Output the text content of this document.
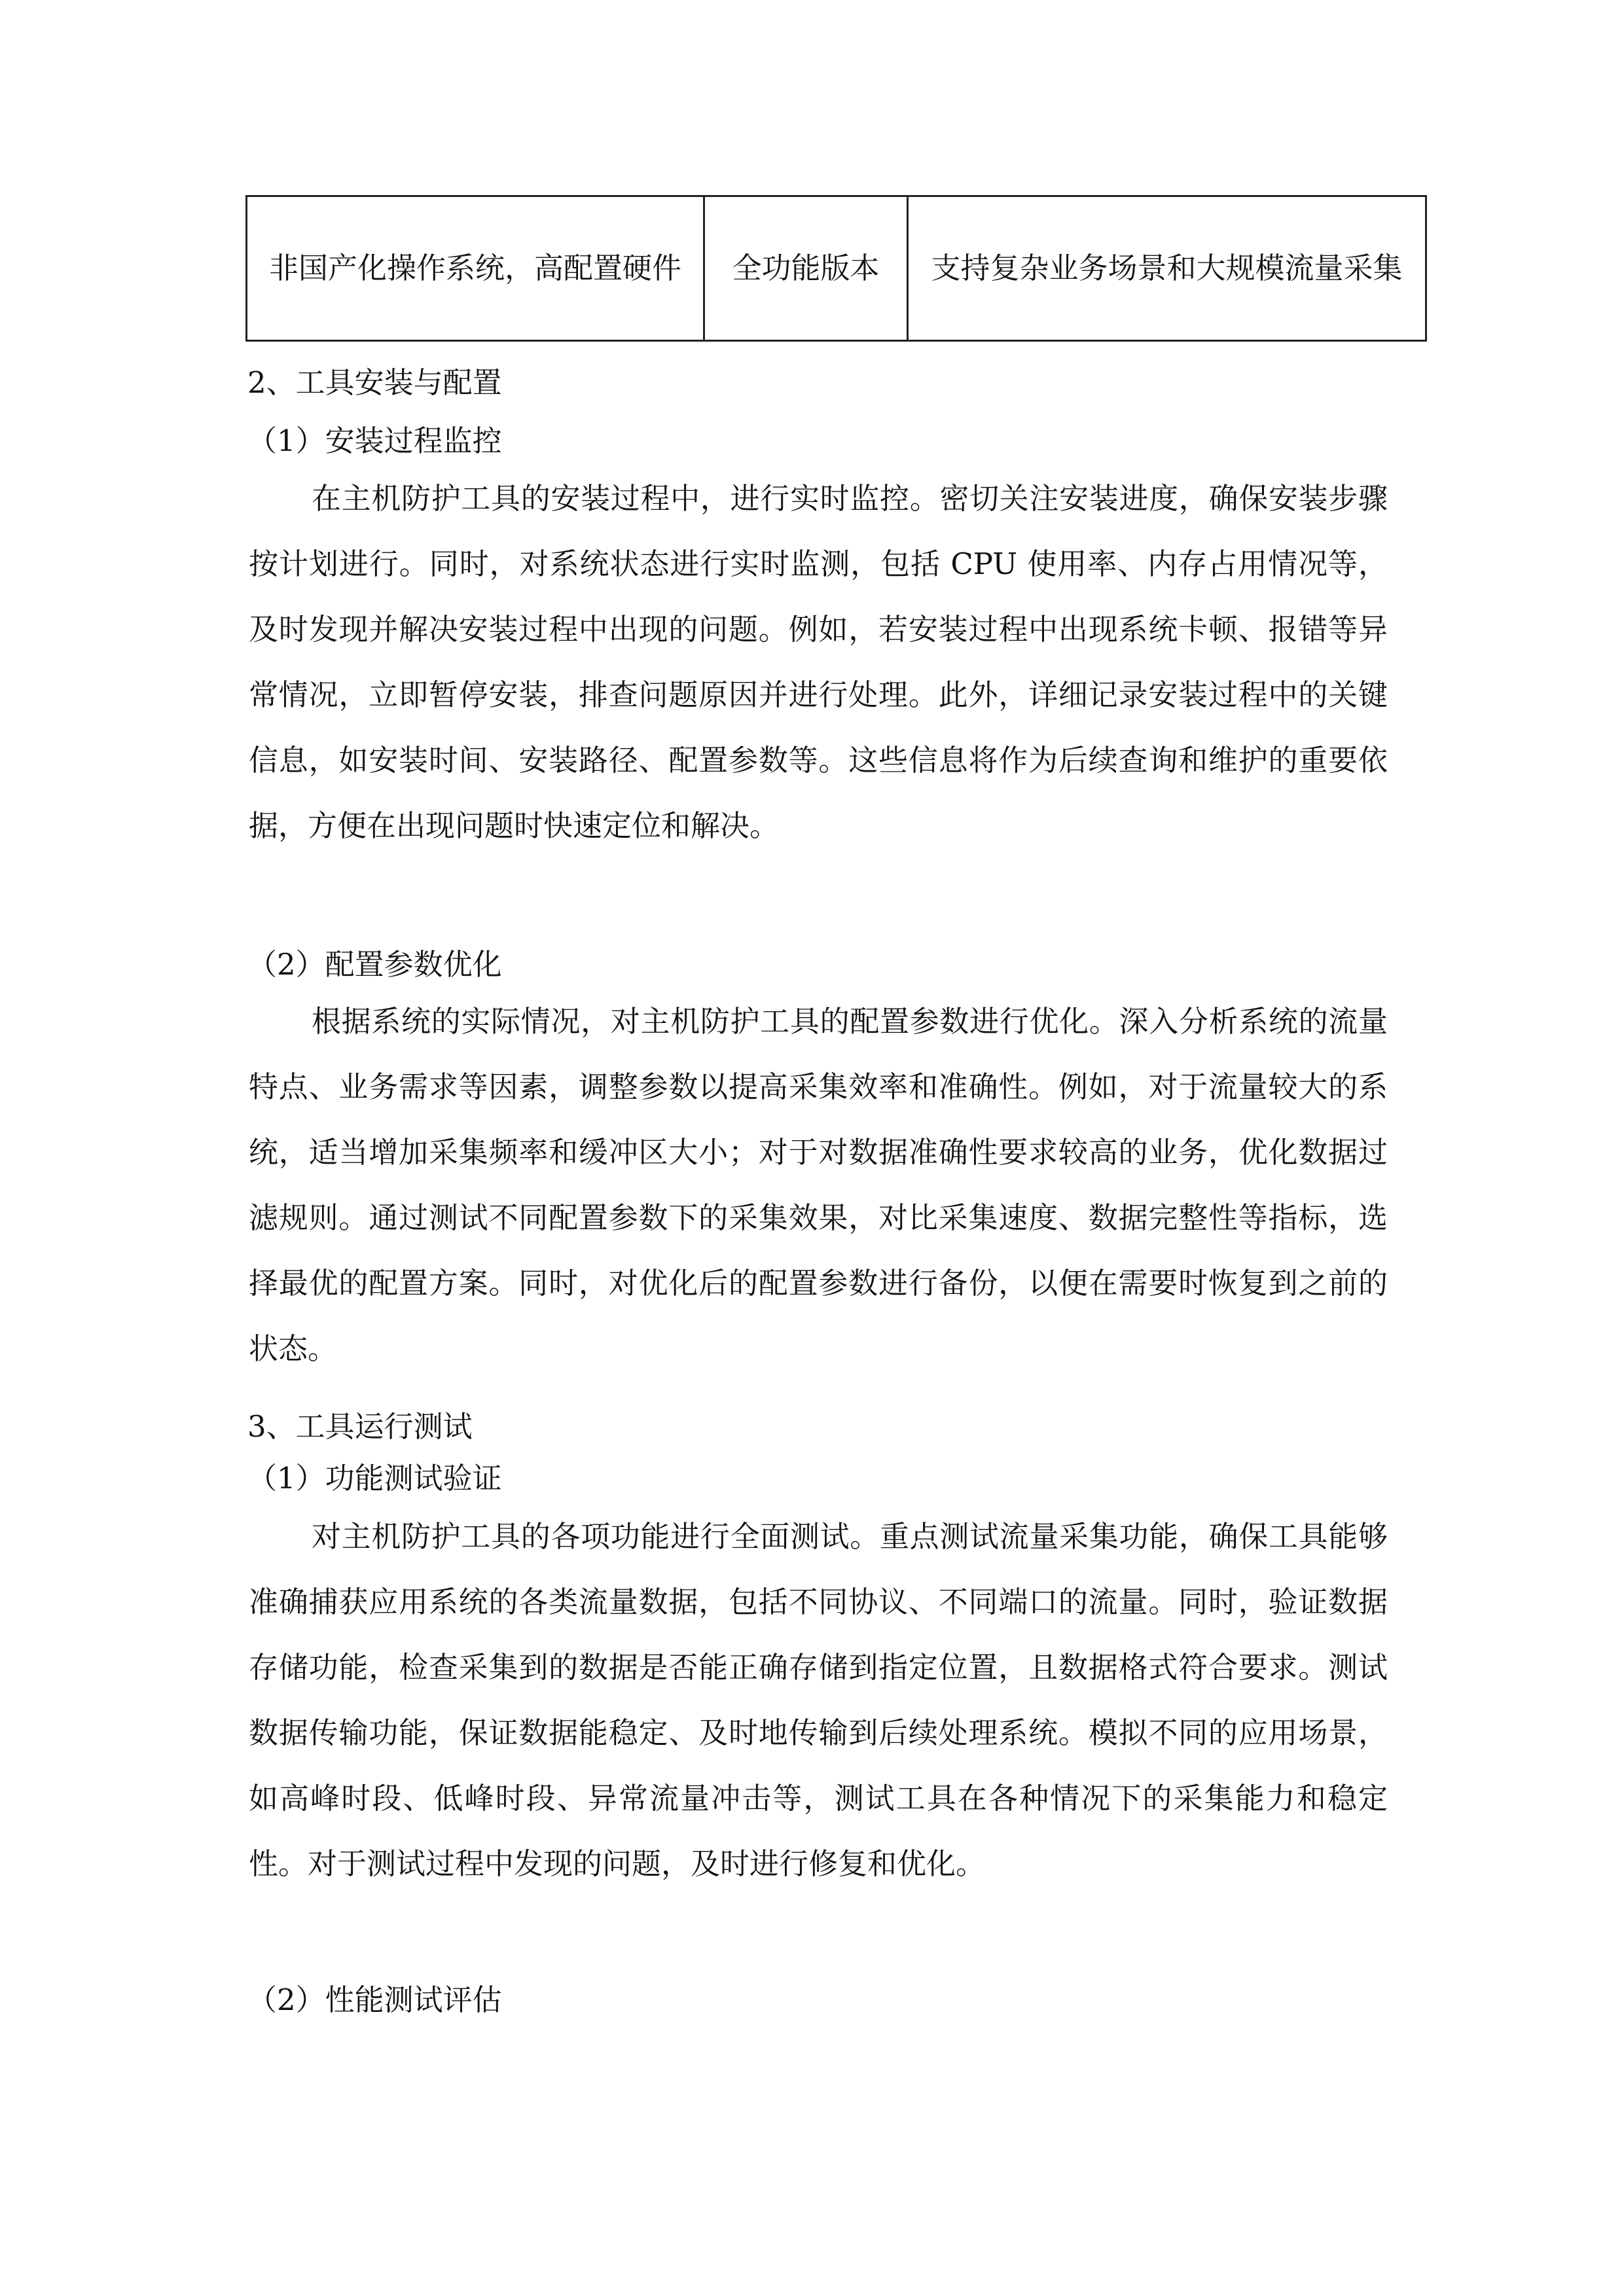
非国产化操作系统，高配置硬件	全功能版本	支持复杂业务场景和大规模流量采集
2、工具安装与配置
（1）安装过程监控

在主机防护工具的安装过程中，进行实时监控。密切关注安装进度，确保安装步骤按计划进行。同时，对系统状态进行实时监测，包括 CPU 使用率、内存占用情况等，及时发现并解决安装过程中出现的问题。例如，若安装过程中出现系统卡顿、报错等异常情况，立即暂停安装，排查问题原因并进行处理。此外，详细记录安装过程中的关键信息，如安装时间、安装路径、配置参数等。这些信息将作为后续查询和维护的重要依据，方便在出现问题时快速定位和解决。

（2）配置参数优化

根据系统的实际情况，对主机防护工具的配置参数进行优化。深入分析系统的流量特点、业务需求等因素，调整参数以提高采集效率和准确性。例如，对于流量较大的系统，适当增加采集频率和缓冲区大小；对于对数据准确性要求较高的业务，优化数据过滤规则。通过测试不同配置参数下的采集效果，对比采集速度、数据完整性等指标，选择最优的配置方案。同时，对优化后的配置参数进行备份，以便在需要时恢复到之前的状态。

3、工具运行测试
（1）功能测试验证

对主机防护工具的各项功能进行全面测试。重点测试流量采集功能，确保工具能够准确捕获应用系统的各类流量数据，包括不同协议、不同端口的流量。同时，验证数据存储功能，检查采集到的数据是否能正确存储到指定位置，且数据格式符合要求。测试数据传输功能，保证数据能稳定、及时地传输到后续处理系统。模拟不同的应用场景，如高峰时段、低峰时段、异常流量冲击等，测试工具在各种情况下的采集能力和稳定性。对于测试过程中发现的问题，及时进行修复和优化。

（2）性能测试评估
